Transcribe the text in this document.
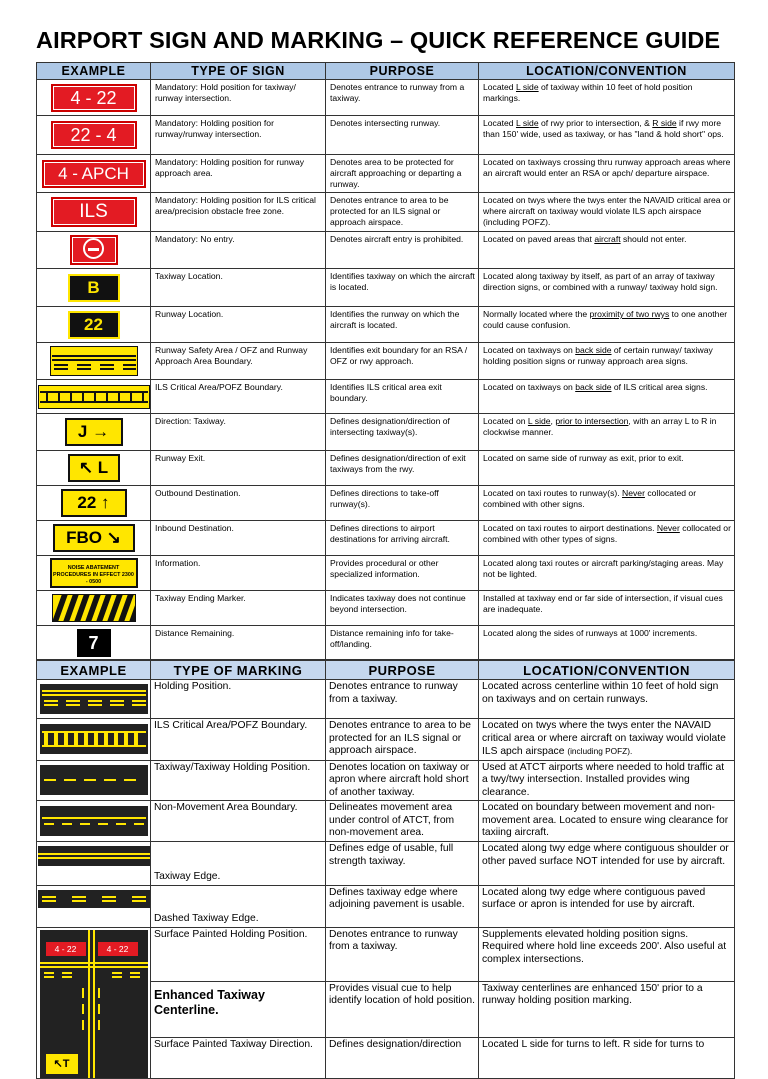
AIRPORT SIGN AND MARKING – QUICK REFERENCE GUIDE
EXAMPLE	TYPE OF SIGN	PURPOSE	LOCATION/CONVENTION
4 - 22	Mandatory: Hold position for taxiway/ runway intersection.	Denotes entrance to runway from a taxiway.	Located L side of taxiway within 10 feet of hold position markings.
22 - 4	Mandatory: Holding position for runway/runway intersection.	Denotes intersecting runway.	Located L side of rwy prior to intersection, & R side if rwy more than 150' wide, used as taxiway, or has "land & hold short" ops.
4 - APCH	Mandatory: Holding position for runway approach area.	Denotes area to be protected for aircraft approaching or departing a runway.	Located on taxiways crossing thru runway approach areas where an aircraft would enter an RSA or apch/ departure airspace.
ILS	Mandatory: Holding position for ILS critical area/precision obstacle free zone.	Denotes entrance to area to be protected for an ILS signal or approach airspace.	Located on twys where the twys enter the NAVAID critical area or where aircraft on taxiway would violate ILS apch airspace (including POFZ).
	Mandatory: No entry.	Denotes aircraft entry is prohibited.	Located on paved areas that aircraft should not enter.
B	Taxiway Location.	Identifies taxiway on which the aircraft is located.	Located along taxiway by itself, as part of an array of taxiway direction signs, or combined with a runway/ taxiway hold sign.
22	Runway Location.	Identifies the runway on which the aircraft is located.	Normally located where the proximity of two rwys to one another could cause confusion.

	Runway Safety Area / OFZ and Runway Approach Area Boundary.	Identifies exit boundary for an RSA / OFZ or rwy approach.	Located on taxiways on back side of certain runway/ taxiway holding position signs or runway approach area signs.

	ILS Critical Area/POFZ Boundary.	Identifies ILS critical area exit boundary.	Located on taxiways on back side of ILS critical area signs.
J →	Direction: Taxiway.	Defines designation/direction of intersecting taxiway(s).	Located on L side, prior to intersection, with an array L to R in clockwise manner.
↖ L	Runway Exit.	Defines designation/direction of exit taxiways from the rwy.	Located on same side of runway as exit, prior to exit.
22 ↑	Outbound Destination.	Defines directions to take-off runway(s).	Located on taxi routes to runway(s). Never collocated or combined with other signs.
FBO ↘	Inbound Destination.	Defines directions to airport destinations for arriving aircraft.	Located on taxi routes to airport destinations. Never collocated or combined with other types of signs.
NOISE ABATEMENT PROCEDURES IN EFFECT 2300 - 0500	Information.	Provides procedural or other specialized information.	Located along taxi routes or aircraft parking/staging areas. May not be lighted.

	Taxiway Ending Marker.	Indicates taxiway does not continue beyond intersection.	Installed at taxiway end or far side of intersection, if visual cues are inadequate.
7	Distance Remaining.	Distance remaining info for take-off/landing.	Located along the sides of runways at 1000' increments.
EXAMPLE	TYPE OF MARKING	PURPOSE	LOCATION/CONVENTION

	Holding Position.	Denotes entrance to runway from a taxiway.	Located across centerline within 10 feet of hold sign on taxiways and on certain runways.

	ILS Critical Area/POFZ Boundary.	Denotes entrance to area to be protected for an ILS signal or approach airspace.	Located on twys where the twys enter the NAVAID critical area or where aircraft on taxiway would violate ILS apch airspace (including POFZ).

	Taxiway/Taxiway Holding Position.	Denotes location on taxiway or apron where aircraft hold short of another taxiway.	Used at ATCT airports where needed to hold traffic at a twy/twy intersection. Installed provides wing clearance.

	Non-Movement Area Boundary.	Delineates movement area under control of ATCT, from non-movement area.	Located on boundary between movement and non-movement area. Located to ensure wing clearance for taxiing aircraft.

	Taxiway Edge.	Defines edge of usable, full strength taxiway.	Located along twy edge where contiguous shoulder or other paved surface NOT intended for use by aircraft.

	Dashed Taxiway Edge.	Defines taxiway edge where adjoining pavement is usable.	Located along twy edge where contiguous paved surface or apron is intended for use by aircraft.

4 - 22 4 - 22
↖T	Surface Painted Holding Position.	Denotes entrance to runway from a taxiway.	Supplements elevated holding position signs. Required where hold line exceeds 200'. Also useful at complex intersections.
	Enhanced Taxiway Centerline.	Provides visual cue to help identify location of hold position.	Taxiway centerlines are enhanced 150' prior to a runway holding position marking.
	Surface Painted Taxiway Direction.	Defines designation/direction	Located L side for turns to left. R side for turns to
